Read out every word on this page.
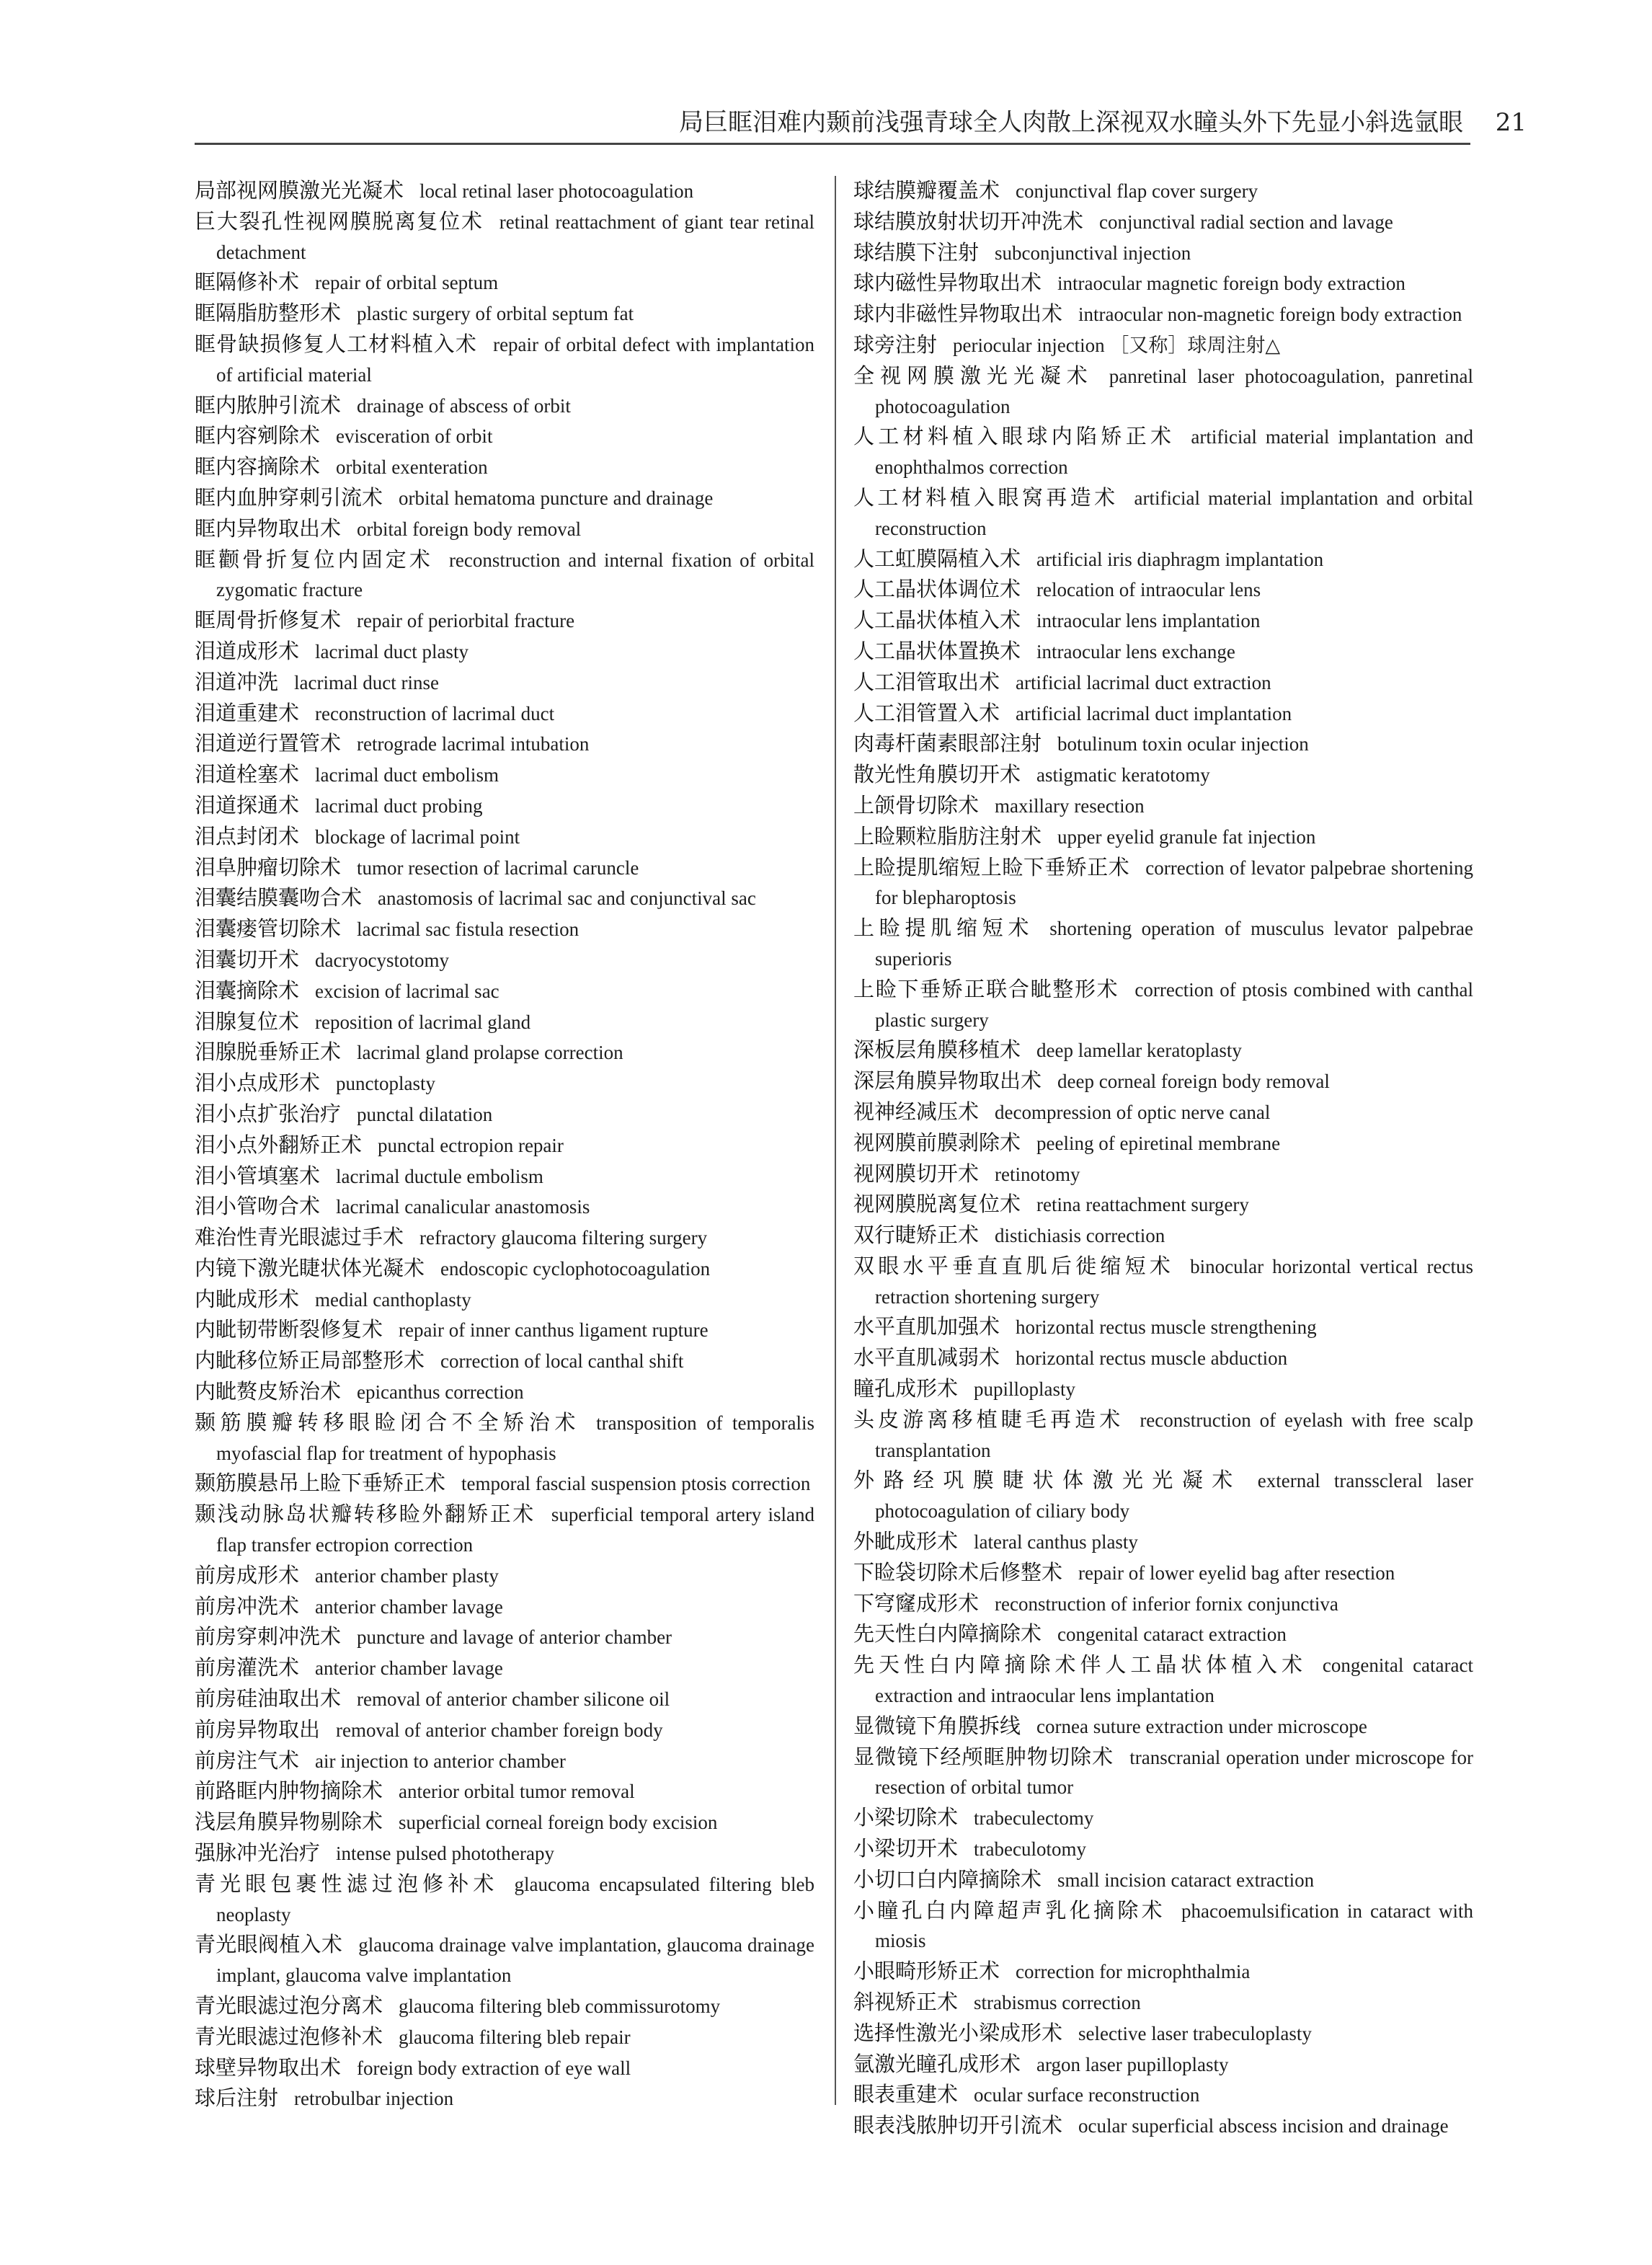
局巨眶泪难内颞前浅强青球全人肉散上深视双水瞳头外下先显小斜选氩眼 21
局部视网膜激光光凝术 local retinal laser photocoagulation
巨大裂孔性视网膜脱离复位术 retinal reattachment of giant tear retinal detachment
眶隔修补术 repair of orbital septum
眶隔脂肪整形术 plastic surgery of orbital septum fat
眶骨缺损修复人工材料植入术 repair of orbital defect with implantation of artificial material
眶内脓肿引流术 drainage of abscess of orbit
眶内容剜除术 evisceration of orbit
眶内容摘除术 orbital exenteration
眶内血肿穿刺引流术 orbital hematoma puncture and drainage
眶内异物取出术 orbital foreign body removal
眶颧骨折复位内固定术 reconstruction and internal fixation of orbital zygomatic fracture
眶周骨折修复术 repair of periorbital fracture
泪道成形术 lacrimal duct plasty
泪道冲洗 lacrimal duct rinse
泪道重建术 reconstruction of lacrimal duct
泪道逆行置管术 retrograde lacrimal intubation
泪道栓塞术 lacrimal duct embolism
泪道探通术 lacrimal duct probing
泪点封闭术 blockage of lacrimal point
泪阜肿瘤切除术 tumor resection of lacrimal caruncle
泪囊结膜囊吻合术 anastomosis of lacrimal sac and conjunctival sac
泪囊瘘管切除术 lacrimal sac fistula resection
泪囊切开术 dacryocystotomy
泪囊摘除术 excision of lacrimal sac
泪腺复位术 reposition of lacrimal gland
泪腺脱垂矫正术 lacrimal gland prolapse correction
泪小点成形术 punctoplasty
泪小点扩张治疗 punctal dilatation
泪小点外翻矫正术 punctal ectropion repair
泪小管填塞术 lacrimal ductule embolism
泪小管吻合术 lacrimal canalicular anastomosis
难治性青光眼滤过手术 refractory glaucoma filtering surgery
内镜下激光睫状体光凝术 endoscopic cyclophotocoagulation
内眦成形术 medial canthoplasty
内眦韧带断裂修复术 repair of inner canthus ligament rupture
内眦移位矫正局部整形术 correction of local canthal shift
内眦赘皮矫治术 epicanthus correction
颞筋膜瓣转移眼睑闭合不全矫治术 transposition of temporalis myofascial flap for treatment of hypophasis
颞筋膜悬吊上睑下垂矫正术 temporal fascial suspension ptosis correction
颞浅动脉岛状瓣转移睑外翻矫正术 superficial temporal artery island flap transfer ectropion correction
前房成形术 anterior chamber plasty
前房冲洗术 anterior chamber lavage
前房穿刺冲洗术 puncture and lavage of anterior chamber
前房灌洗术 anterior chamber lavage
前房硅油取出术 removal of anterior chamber silicone oil
前房异物取出 removal of anterior chamber foreign body
前房注气术 air injection to anterior chamber
前路眶内肿物摘除术 anterior orbital tumor removal
浅层角膜异物剔除术 superficial corneal foreign body excision
强脉冲光治疗 intense pulsed phototherapy
青光眼包裹性滤过泡修补术 glaucoma encapsulated filtering bleb neoplasty
青光眼阀植入术 glaucoma drainage valve implantation, glaucoma drainage implant, glaucoma valve implantation
青光眼滤过泡分离术 glaucoma filtering bleb commissurotomy
青光眼滤过泡修补术 glaucoma filtering bleb repair
球壁异物取出术 foreign body extraction of eye wall
球后注射 retrobulbar injection
球结膜瓣覆盖术 conjunctival flap cover surgery
球结膜放射状切开冲洗术 conjunctival radial section and lavage
球结膜下注射 subconjunctival injection
球内磁性异物取出术 intraocular magnetic foreign body extraction
球内非磁性异物取出术 intraocular non-magnetic foreign body extraction
球旁注射 periocular injection ［又称］球周注射△
全视网膜激光光凝术 panretinal laser photocoagulation, panretinal photocoagulation
人工材料植入眼球内陷矫正术 artificial material implantation and enophthalmos correction
人工材料植入眼窝再造术 artificial material implantation and orbital reconstruction
人工虹膜隔植入术 artificial iris diaphragm implantation
人工晶状体调位术 relocation of intraocular lens
人工晶状体植入术 intraocular lens implantation
人工晶状体置换术 intraocular lens exchange
人工泪管取出术 artificial lacrimal duct extraction
人工泪管置入术 artificial lacrimal duct implantation
肉毒杆菌素眼部注射 botulinum toxin ocular injection
散光性角膜切开术 astigmatic keratotomy
上颌骨切除术 maxillary resection
上睑颗粒脂肪注射术 upper eyelid granule fat injection
上睑提肌缩短上睑下垂矫正术 correction of levator palpebrae shortening for blepharoptosis
上睑提肌缩短术 shortening operation of musculus levator palpebrae superioris
上睑下垂矫正联合眦整形术 correction of ptosis combined with canthal plastic surgery
深板层角膜移植术 deep lamellar keratoplasty
深层角膜异物取出术 deep corneal foreign body removal
视神经减压术 decompression of optic nerve canal
视网膜前膜剥除术 peeling of epiretinal membrane
视网膜切开术 retinotomy
视网膜脱离复位术 retina reattachment surgery
双行睫矫正术 distichiasis correction
双眼水平垂直直肌后徙缩短术 binocular horizontal vertical rectus retraction shortening surgery
水平直肌加强术 horizontal rectus muscle strengthening
水平直肌减弱术 horizontal rectus muscle abduction
瞳孔成形术 pupilloplasty
头皮游离移植睫毛再造术 reconstruction of eyelash with free scalp transplantation
外路经巩膜睫状体激光光凝术 external transscleral laser photocoagulation of ciliary body
外眦成形术 lateral canthus plasty
下睑袋切除术后修整术 repair of lower eyelid bag after resection
下穹窿成形术 reconstruction of inferior fornix conjunctiva
先天性白内障摘除术 congenital cataract extraction
先天性白内障摘除术伴人工晶状体植入术 congenital cataract extraction and intraocular lens implantation
显微镜下角膜拆线 cornea suture extraction under microscope
显微镜下经颅眶肿物切除术 transcranial operation under microscope for resection of orbital tumor
小梁切除术 trabeculectomy
小梁切开术 trabeculotomy
小切口白内障摘除术 small incision cataract extraction
小瞳孔白内障超声乳化摘除术 phacoemulsification in cataract with miosis
小眼畸形矫正术 correction for microphthalmia
斜视矫正术 strabismus correction
选择性激光小梁成形术 selective laser trabeculoplasty
氩激光瞳孔成形术 argon laser pupilloplasty
眼表重建术 ocular surface reconstruction
眼表浅脓肿切开引流术 ocular superficial abscess incision and drainage
